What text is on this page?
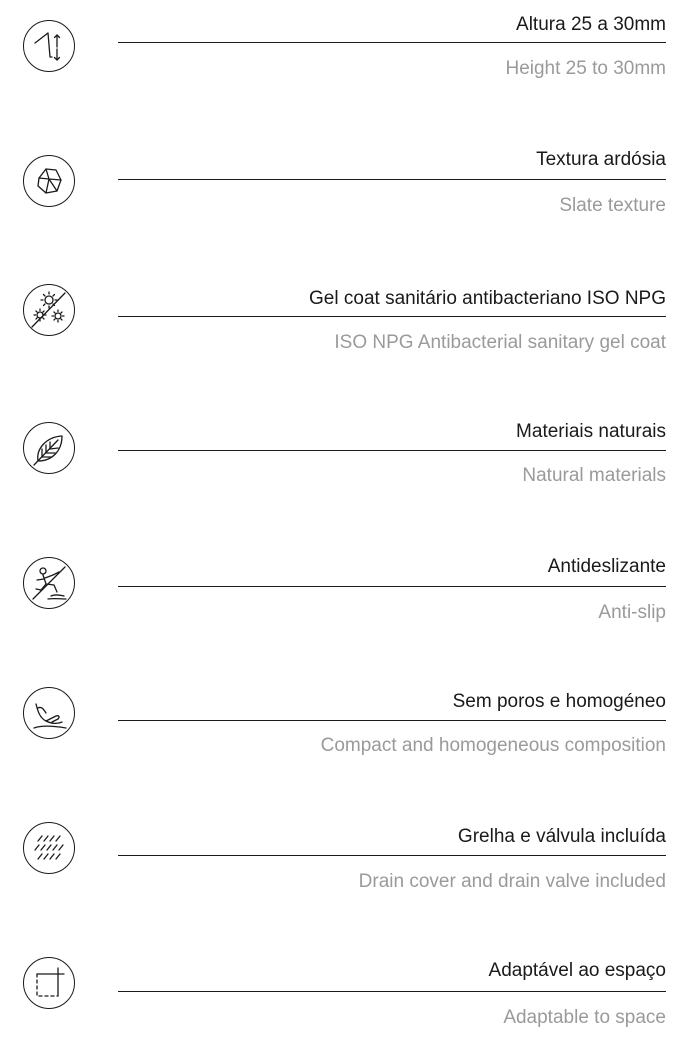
Altura 25 a 30mm
Height 25 to 30mm
Textura ardósia
Slate texture
Gel coat sanitário antibacteriano ISO NPG
ISO NPG Antibacterial sanitary gel coat
Materiais naturais
Natural materials
Antideslizante
Anti-slip
Sem poros e homogéneo
Compact and homogeneous composition
Grelha e válvula incluída
Drain cover and drain valve included
Adaptável ao espaço
Adaptable to space
